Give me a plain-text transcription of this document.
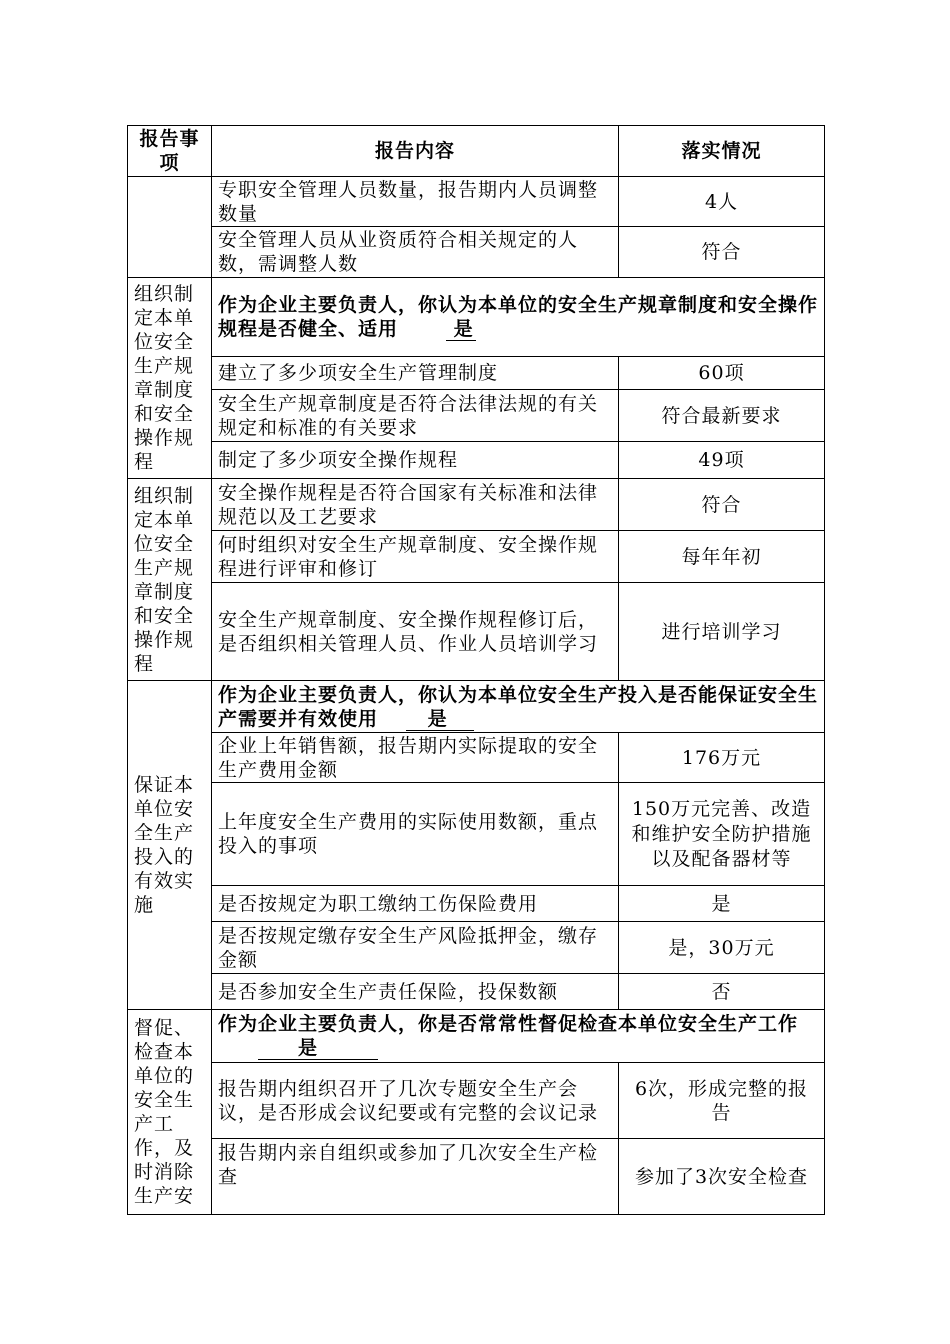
报告事项	报告内容	落实情况
	专职安全管理人员数量，报告期内人员调整数量	4人
	安全管理人员从业资质符合相关规定的人数，需调整人数	符合
组织制定本单位安全生产规章制度和安全操作规程	作为企业主要负责人，你认为本单位的安全生产规章制度和安全操作规程是否健全、适用 是	
	建立了多少项安全生产管理制度	60项
	安全生产规章制度是否符合法律法规的有关规定和标准的有关要求	符合最新要求
	制定了多少项安全操作规程	49项
组织制定本单位安全生产规章制度和安全操作规程	安全操作规程是否符合国家有关标准和法律规范以及工艺要求	符合
	何时组织对安全生产规章制度、安全操作规程进行评审和修订	每年年初
	安全生产规章制度、安全操作规程修订后，是否组织相关管理人员、作业人员培训学习	进行培训学习
保证本单位安全生产投入的有效实施	作为企业主要负责人，你认为本单位安全生产投入是否能保证安全生产需要并有效使用 是	
	企业上年销售额，报告期内实际提取的安全生产费用金额	176万元
	上年度安全生产费用的实际使用数额，重点投入的事项	150万元完善、改造和维护安全防护措施以及配备器材等
	是否按规定为职工缴纳工伤保险费用	是
	是否按规定缴存安全生产风险抵押金，缴存金额	是，30万元
	是否参加安全生产责任保险，投保数额	否
督促、检查本单位的安全生产工作，及时消除生产安	作为企业主要负责人，你是否常常性督促检查本单位安全生产工作 是	
	报告期内组织召开了几次专题安全生产会议，是否形成会议纪要或有完整的会议记录	6次，形成完整的报告
	报告期内亲自组织或参加了几次安全生产检查	参加了3次安全检查
